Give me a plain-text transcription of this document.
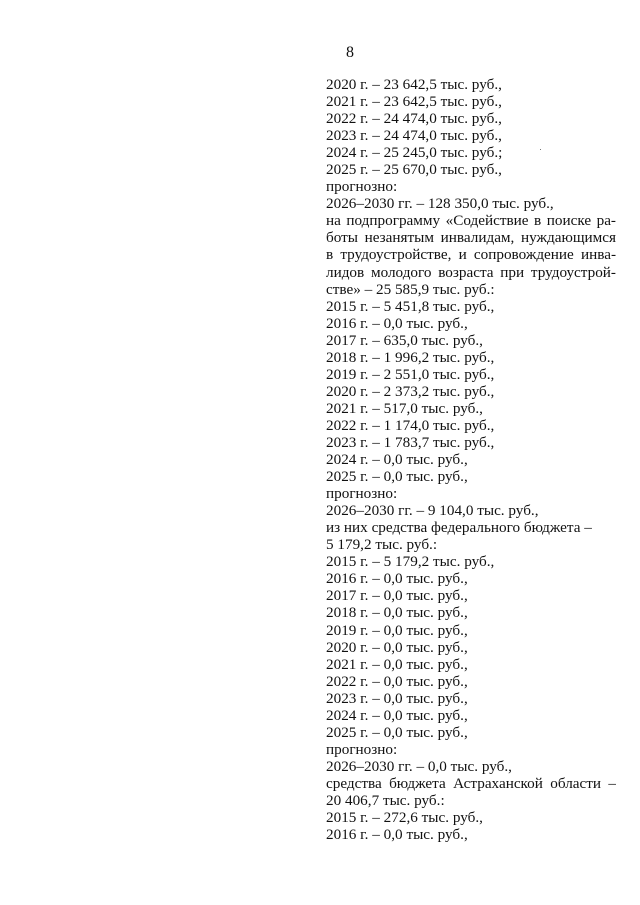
8
2020 г. – 23 642,5 тыс. руб.,
2021 г. – 23 642,5 тыс. руб.,
2022 г. – 24 474,0 тыс. руб.,
2023 г. – 24 474,0 тыс. руб.,
2024 г. – 25 245,0 тыс. руб.;
2025 г. – 25 670,0 тыс. руб.,
прогнозно:
2026–2030 гг. – 128 350,0 тыс. руб.,
на подпрограмму «Содействие в поиске ра-
боты незанятым инвалидам, нуждающимся
в трудоустройстве, и сопровождение инва-
лидов молодого возраста при трудоустрой-
стве» – 25 585,9 тыс. руб.:
2015 г. – 5 451,8 тыс. руб.,
2016 г. – 0,0 тыс. руб.,
2017 г. – 635,0 тыс. руб.,
2018 г. – 1 996,2 тыс. руб.,
2019 г. – 2 551,0 тыс. руб.,
2020 г. – 2 373,2 тыс. руб.,
2021 г. – 517,0 тыс. руб.,
2022 г. – 1 174,0 тыс. руб.,
2023 г. – 1 783,7 тыс. руб.,
2024 г. – 0,0 тыс. руб.,
2025 г. – 0,0 тыс. руб.,
прогнозно:
2026–2030 гг. – 9 104,0 тыс. руб.,
из них средства федерального бюджета –
5 179,2 тыс. руб.:
2015 г. – 5 179,2 тыс. руб.,
2016 г. – 0,0 тыс. руб.,
2017 г. – 0,0 тыс. руб.,
2018 г. – 0,0 тыс. руб.,
2019 г. – 0,0 тыс. руб.,
2020 г. – 0,0 тыс. руб.,
2021 г. – 0,0 тыс. руб.,
2022 г. – 0,0 тыс. руб.,
2023 г. – 0,0 тыс. руб.,
2024 г. – 0,0 тыс. руб.,
2025 г. – 0,0 тыс. руб.,
прогнозно:
2026–2030 гг. – 0,0 тыс. руб.,
средства бюджета Астраханской области –
20 406,7 тыс. руб.:
2015 г. – 272,6 тыс. руб.,
2016 г. – 0,0 тыс. руб.,
